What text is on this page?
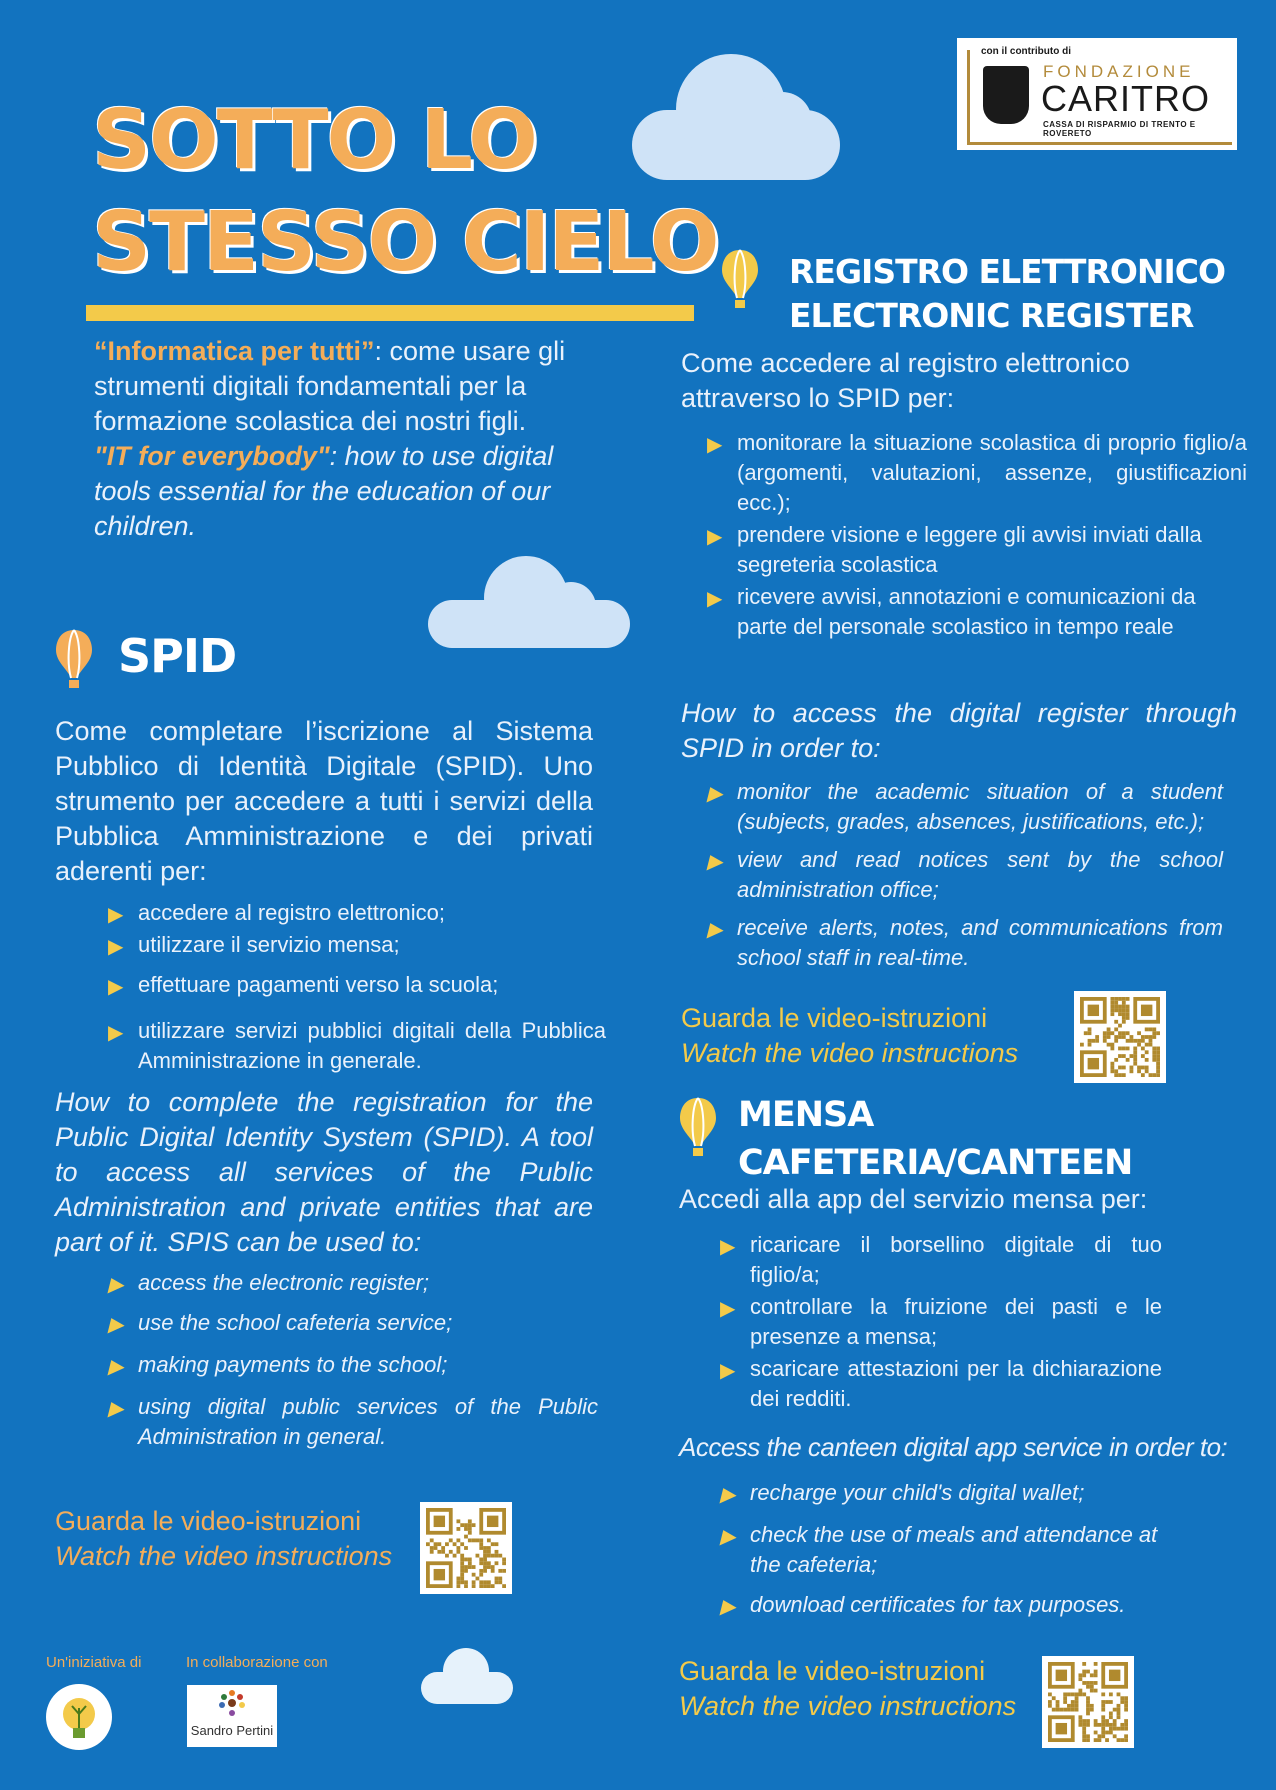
SOTTO LO
STESSO CIELO
con il contributo di
FONDAZIONE
CARITRO
CASSA DI RISPARMIO DI TRENTO E ROVERETO
“Informatica per tutti”: come usare gli strumenti digitali fondamentali per la formazione scolastica dei nostri figli.
"IT for everybody": how to use digital tools essential for the education of our children.
SPID
Come completare l’iscrizione al Sistema Pubblico di Identità Digitale (SPID). Uno strumento per accedere a tutti i servizi della Pubblica Amministrazione e dei privati aderenti per:
▶ accedere al registro elettronico;
▶ utilizzare il servizio mensa;
▶ effettuare pagamenti verso la scuola;
▶ utilizzare servizi pubblici digitali della Pubblica Amministrazione in generale.
How to complete the registration for the Public Digital Identity System (SPID). A tool to access all services of the Public Administration and private entities that are part of it. SPIS can be used to:
▶ access the electronic register;
▶ use the school cafeteria service;
▶ making payments to the school;
▶ using digital public services of the Public Administration in general.
Guarda le video-istruzioni
Watch the video instructions
REGISTRO ELETTRONICO
ELECTRONIC REGISTER
Come accedere al registro elettronico attraverso lo SPID per:
▶ monitorare la situazione scolastica di proprio figlio/a (argomenti, valutazioni, assenze, giustificazioni ecc.);
▶ prendere visione e leggere gli avvisi inviati dalla segreteria scolastica
▶ ricevere avvisi, annotazioni e comunicazioni da parte del personale scolastico in tempo reale
How to access the digital register through SPID in order to:
▶ monitor the academic situation of a student (subjects, grades, absences, justifications, etc.);
▶ view and read notices sent by the school administration office;
▶ receive alerts, notes, and communications from school staff in real-time.
Guarda le video-istruzioni
Watch the video instructions
MENSA
CAFETERIA/CANTEEN
Accedi alla app del servizio mensa per:
▶ ricaricare il borsellino digitale di tuo figlio/a;
▶ controllare la fruizione dei pasti e le presenze a mensa;
▶ scaricare attestazioni per la dichiarazione dei redditi.
Access the canteen digital app service in order to:
▶ recharge your child's digital wallet;
▶ check the use of meals and attendance at the cafeteria;
▶ download certificates for tax purposes.
Guarda le video-istruzioni
Watch the video instructions
Un'iniziativa di	In collaborazione con
Sandro Pertini
